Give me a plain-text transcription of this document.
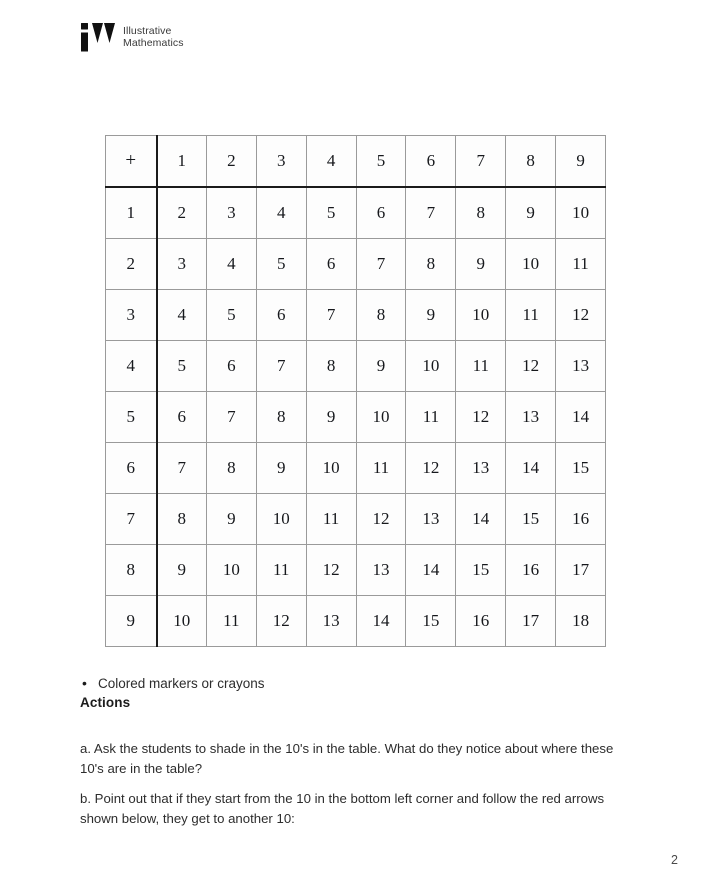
Illustrative
Mathematics
+	1	2	3	4	5	6	7	8	9
1	2	3	4	5	6	7	8	9	10
2	3	4	5	6	7	8	9	10	11
3	4	5	6	7	8	9	10	11	12
4	5	6	7	8	9	10	11	12	13
5	6	7	8	9	10	11	12	13	14
6	7	8	9	10	11	12	13	14	15
7	8	9	10	11	12	13	14	15	16
8	9	10	11	12	13	14	15	16	17
9	10	11	12	13	14	15	16	17	18
• Colored markers or crayons
Actions

a. Ask the students to shade in the 10's in the table. What do they notice about where these 10's are in the table?

b. Point out that if they start from the 10 in the bottom left corner and follow the red arrows shown below, they get to another 10:

2
